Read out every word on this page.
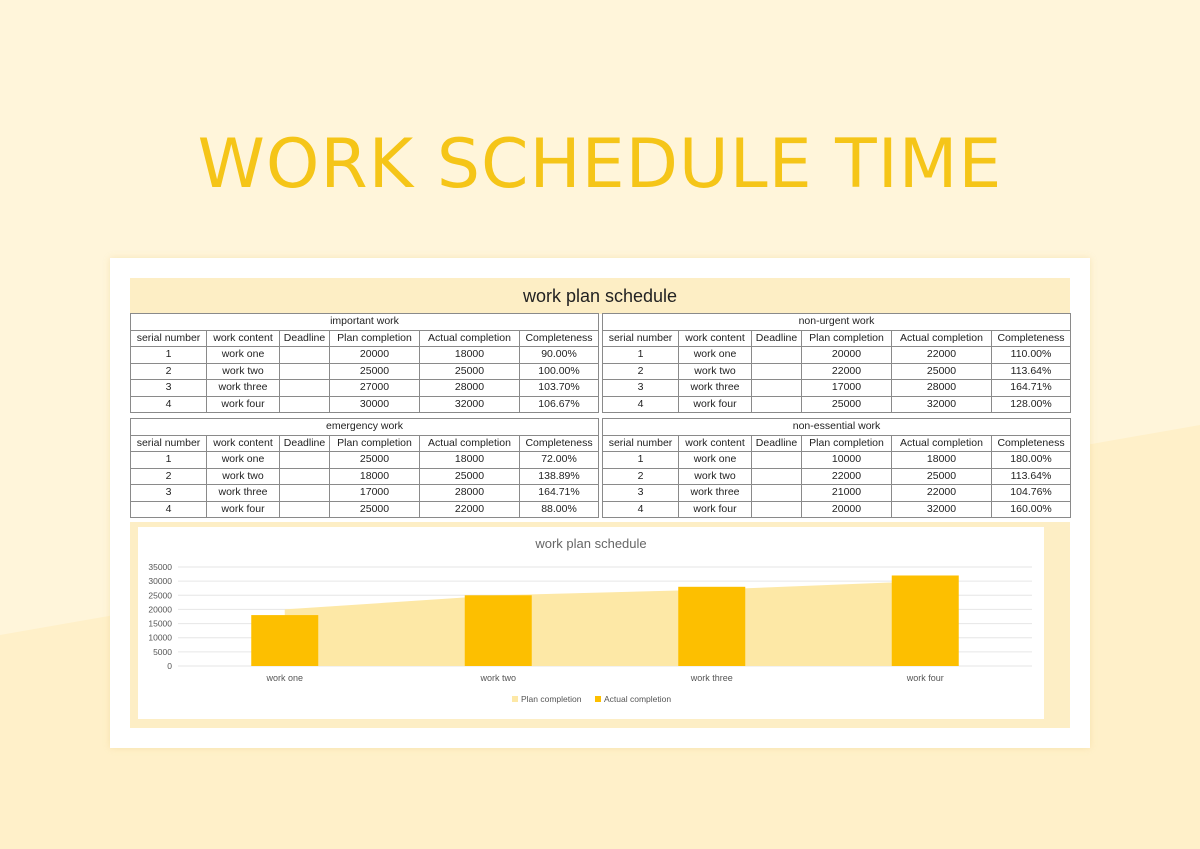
WORK SCHEDULE TIME
work plan schedule
important work					
serial number	work content	Deadline	Plan completion	Actual completion	Completeness
1	work one		20000	18000	90.00%
2	work two		25000	25000	100.00%
3	work three		27000	28000	103.70%
4	work four		30000	32000	106.67%
non-urgent work					
serial number	work content	Deadline	Plan completion	Actual completion	Completeness
1	work one		20000	22000	110.00%
2	work two		22000	25000	113.64%
3	work three		17000	28000	164.71%
4	work four		25000	32000	128.00%
emergency work					
serial number	work content	Deadline	Plan completion	Actual completion	Completeness
1	work one		25000	18000	72.00%
2	work two		18000	25000	138.89%
3	work three		17000	28000	164.71%
4	work four		25000	22000	88.00%
non-essential work					
serial number	work content	Deadline	Plan completion	Actual completion	Completeness
1	work one		10000	18000	180.00%
2	work two		22000	25000	113.64%
3	work three		21000	22000	104.76%
4	work four		20000	32000	160.00%
work plan schedule
0
5000
10000
15000
20000
25000
30000
35000
work one	work two	work three	work four
Plan completion	Actual completion
